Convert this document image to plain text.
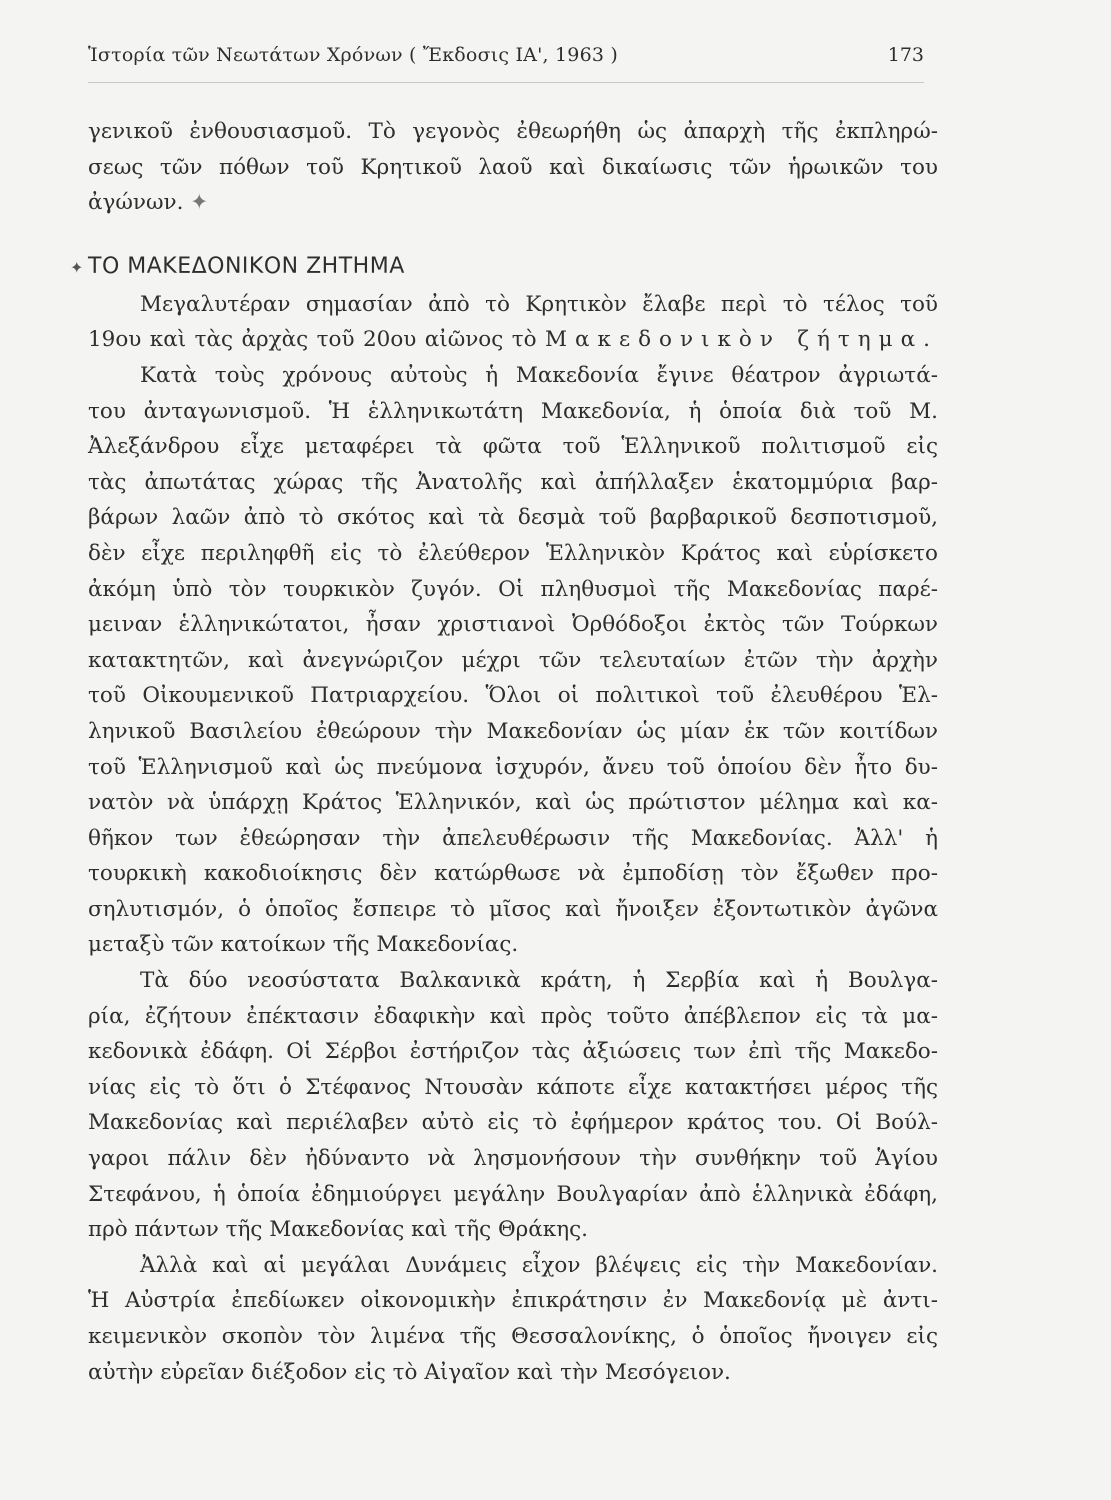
Ἱστορία τῶν Νεωτάτων Χρόνων ( Ἔκδοσις ΙΑ', 1963 )	173
γενικοῦ ἐνθουσιασμοῦ. Τὸ γεγονὸς ἐθεωρήθη ὡς ἀπαρχὴ τῆς ἐκπληρώ-
σεως τῶν πόθων τοῦ Κρητικοῦ λαοῦ καὶ δικαίωσις τῶν ἡρωικῶν του
ἀγώνων. ✦
✦ ΤΟ ΜΑΚΕΔΟΝΙΚΟΝ ΖΗΤΗΜΑ
Μεγαλυτέραν σημασίαν ἀπὸ τὸ Κρητικὸν ἔλαβε περὶ τὸ τέλος τοῦ
19ου καὶ τὰς ἀρχὰς τοῦ 20ου αἰῶνος τὸ Μακεδονικὸν ζήτημα.
Κατὰ τοὺς χρόνους αὐτοὺς ἡ Μακεδονία ἔγινε θέατρον ἀγριωτά-
του ἀνταγωνισμοῦ. Ἡ ἑλληνικωτάτη Μακεδονία, ἡ ὁποία διὰ τοῦ Μ.
Ἀλεξάνδρου εἶχε μεταφέρει τὰ φῶτα τοῦ Ἑλληνικοῦ πολιτισμοῦ εἰς
τὰς ἀπωτάτας χώρας τῆς Ἀνατολῆς καὶ ἀπήλλαξεν ἑκατομμύρια βαρ-
βάρων λαῶν ἀπὸ τὸ σκότος καὶ τὰ δεσμὰ τοῦ βαρβαρικοῦ δεσποτισμοῦ,
δὲν εἶχε περιληφθῆ εἰς τὸ ἐλεύθερον Ἑλληνικὸν Κράτος καὶ εὑρίσκετο
ἀκόμη ὑπὸ τὸν τουρκικὸν ζυγόν. Οἱ πληθυσμοὶ τῆς Μακεδονίας παρέ-
μειναν ἑλληνικώτατοι, ἦσαν χριστιανοὶ Ὀρθόδοξοι ἐκτὸς τῶν Τούρκων
κατακτητῶν, καὶ ἀνεγνώριζον μέχρι τῶν τελευταίων ἐτῶν τὴν ἀρχὴν
τοῦ Οἰκουμενικοῦ Πατριαρχείου. Ὅλοι οἱ πολιτικοὶ τοῦ ἐλευθέρου Ἑλ-
ληνικοῦ Βασιλείου ἐθεώρουν τὴν Μακεδονίαν ὡς μίαν ἐκ τῶν κοιτίδων
τοῦ Ἑλληνισμοῦ καὶ ὡς πνεύμονα ἰσχυρόν, ἄνευ τοῦ ὁποίου δὲν ἦτο δυ-
νατὸν νὰ ὑπάρχῃ Κράτος Ἑλληνικόν, καὶ ὡς πρώτιστον μέλημα καὶ κα-
θῆκον των ἐθεώρησαν τὴν ἀπελευθέρωσιν τῆς Μακεδονίας. Ἀλλ' ἡ
τουρκικὴ κακοδιοίκησις δὲν κατώρθωσε νὰ ἐμποδίσῃ τὸν ἔξωθεν προ-
σηλυτισμόν, ὁ ὁποῖος ἔσπειρε τὸ μῖσος καὶ ἤνοιξεν ἐξοντωτικὸν ἀγῶνα
μεταξὺ τῶν κατοίκων τῆς Μακεδονίας.
Τὰ δύο νεοσύστατα Βαλκανικὰ κράτη, ἡ Σερβία καὶ ἡ Βουλγα-
ρία, ἐζήτουν ἐπέκτασιν ἐδαφικὴν καὶ πρὸς τοῦτο ἀπέβλεπον εἰς τὰ μα-
κεδονικὰ ἐδάφη. Οἱ Σέρβοι ἐστήριζον τὰς ἀξιώσεις των ἐπὶ τῆς Μακεδο-
νίας εἰς τὸ ὅτι ὁ Στέφανος Ντουσὰν κάποτε εἶχε κατακτήσει μέρος τῆς
Μακεδονίας καὶ περιέλαβεν αὐτὸ εἰς τὸ ἐφήμερον κράτος του. Οἱ Βούλ-
γαροι πάλιν δὲν ἠδύναντο νὰ λησμονήσουν τὴν συνθήκην τοῦ Ἁγίου
Στεφάνου, ἡ ὁποία ἐδημιούργει μεγάλην Βουλγαρίαν ἀπὸ ἑλληνικὰ ἐδάφη,
πρὸ πάντων τῆς Μακεδονίας καὶ τῆς Θράκης.
Ἀλλὰ καὶ αἱ μεγάλαι Δυνάμεις εἶχον βλέψεις εἰς τὴν Μακεδονίαν.
Ἡ Αὐστρία ἐπεδίωκεν οἰκονομικὴν ἐπικράτησιν ἐν Μακεδονίᾳ μὲ ἀντι-
κειμενικὸν σκοπὸν τὸν λιμένα τῆς Θεσσαλονίκης, ὁ ὁποῖος ἤνοιγεν εἰς
αὐτὴν εὐρεῖαν διέξοδον εἰς τὸ Αἰγαῖον καὶ τὴν Μεσόγειον.
